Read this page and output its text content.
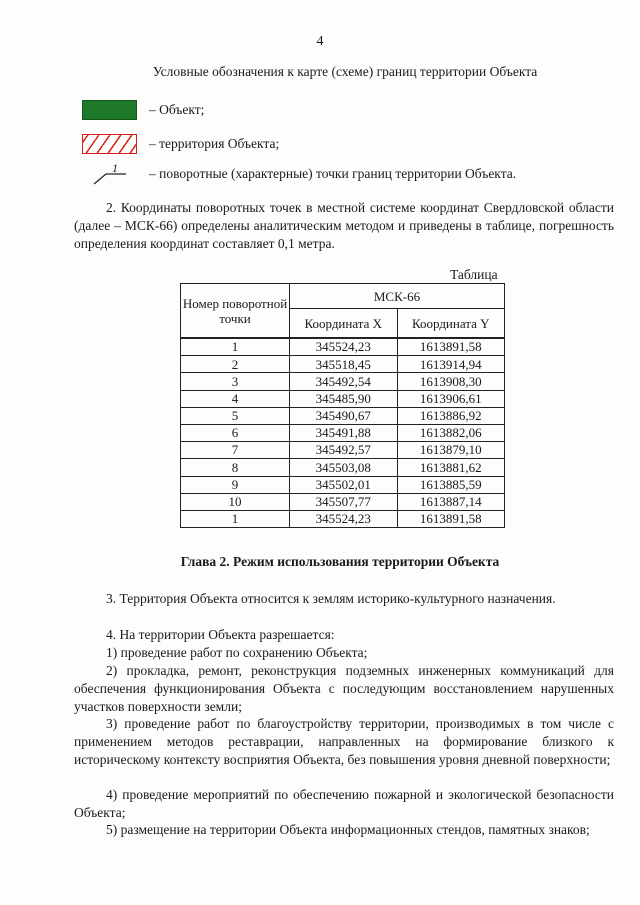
4
Условные обозначения к карте (схеме) границ территории Объекта
– Объект;
– территория Объекта;
1 – поворотные (характерные) точки границ территории Объекта.
2. Координаты поворотных точек в местной системе координат Свердловской области (далее – МСК-66) определены аналитическим методом и приведены в таблице, погрешность определения координат составляет 0,1 метра.
Таблица
Номер поворотной точки	МСК-66	
	Координата X	Координата Y
1	345524,23	1613891,58
2	345518,45	1613914,94
3	345492,54	1613908,30
4	345485,90	1613906,61
5	345490,67	1613886,92
6	345491,88	1613882,06
7	345492,57	1613879,10
8	345503,08	1613881,62
9	345502,01	1613885,59
10	345507,77	1613887,14
1	345524,23	1613891,58
Глава 2. Режим использования территории Объекта
3. Территория Объекта относится к землям историко-культурного назначения.
4. На территории Объекта разрешается:
1) проведение работ по сохранению Объекта;
2) прокладка, ремонт, реконструкция подземных инженерных коммуникаций для обеспечения функционирования Объекта с последующим восстановлением нарушенных участков поверхности земли;
3) проведение работ по благоустройству территории, производимых в том числе с применением методов реставрации, направленных на формирование близкого к историческому контексту восприятия Объекта, без повышения уровня дневной поверхности;
4) проведение мероприятий по обеспечению пожарной и экологической безопасности Объекта;
5) размещение на территории Объекта информационных стендов, памятных знаков;
